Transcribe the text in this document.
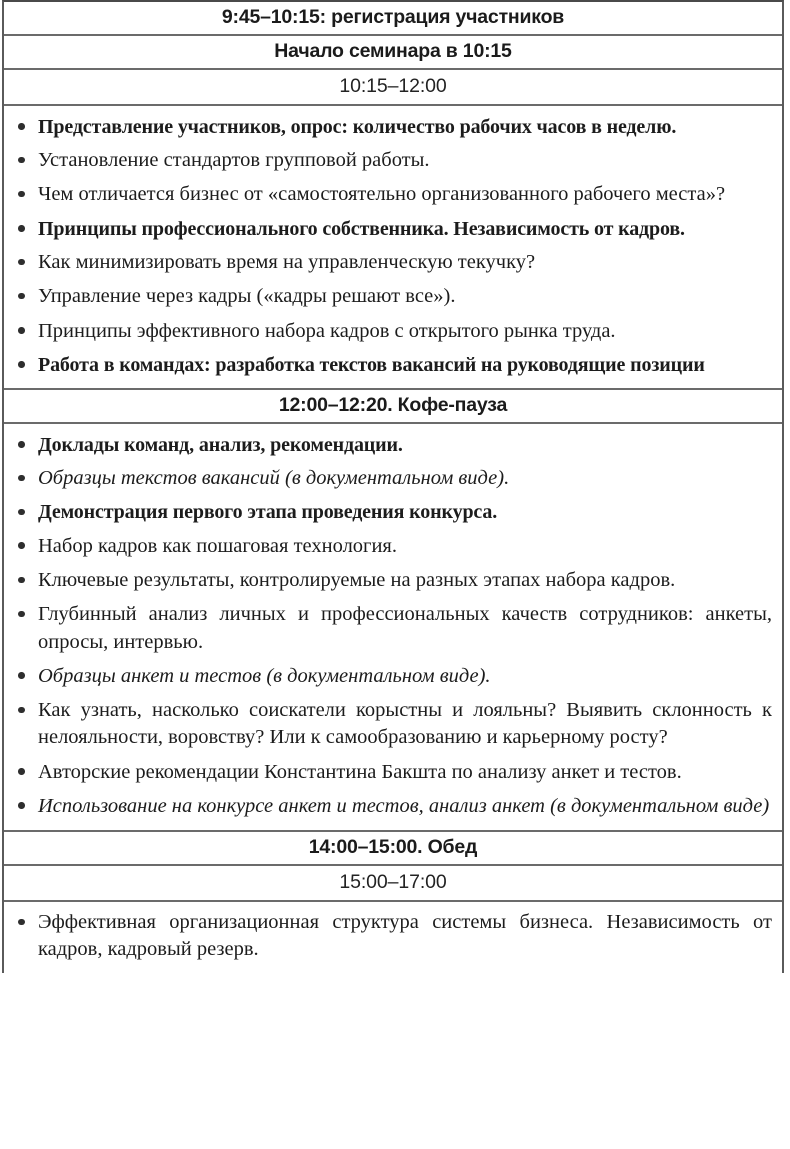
9:45–10:15: регистрация участников
Начало семинара в 10:15
10:15–12:00
Представление участников, опрос: количество рабочих часов в неделю.
Установление стандартов групповой работы.
Чем отличается бизнес от «самостоятельно организованного рабочего места»?
Принципы профессионального собственника. Независимость от кадров.
Как минимизировать время на управленческую текучку?
Управление через кадры («кадры решают все»).
Принципы эффективного набора кадров с открытого рынка труда.
Работа в командах: разработка текстов вакансий на руководящие позиции
12:00–12:20. Кофе-пауза
Доклады команд, анализ, рекомендации.
Образцы текстов вакансий (в документальном виде).
Демонстрация первого этапа проведения конкурса.
Набор кадров как пошаговая технология.
Ключевые результаты, контролируемые на разных этапах набора кадров.
Глубинный анализ личных и профессиональных качеств сотрудников: анкеты, опросы, интервью.
Образцы анкет и тестов (в документальном виде).
Как узнать, насколько соискатели корыстны и лояльны? Выявить склонность к нелояльности, воровству? Или к самообразованию и карьерному росту?
Авторские рекомендации Константина Бакшта по анализу анкет и тестов.
Использование на конкурсе анкет и тестов, анализ анкет (в документальном виде)
14:00–15:00. Обед
15:00–17:00
Эффективная организационная структура системы бизнеса. Независимость от кадров, кадровый резерв.
